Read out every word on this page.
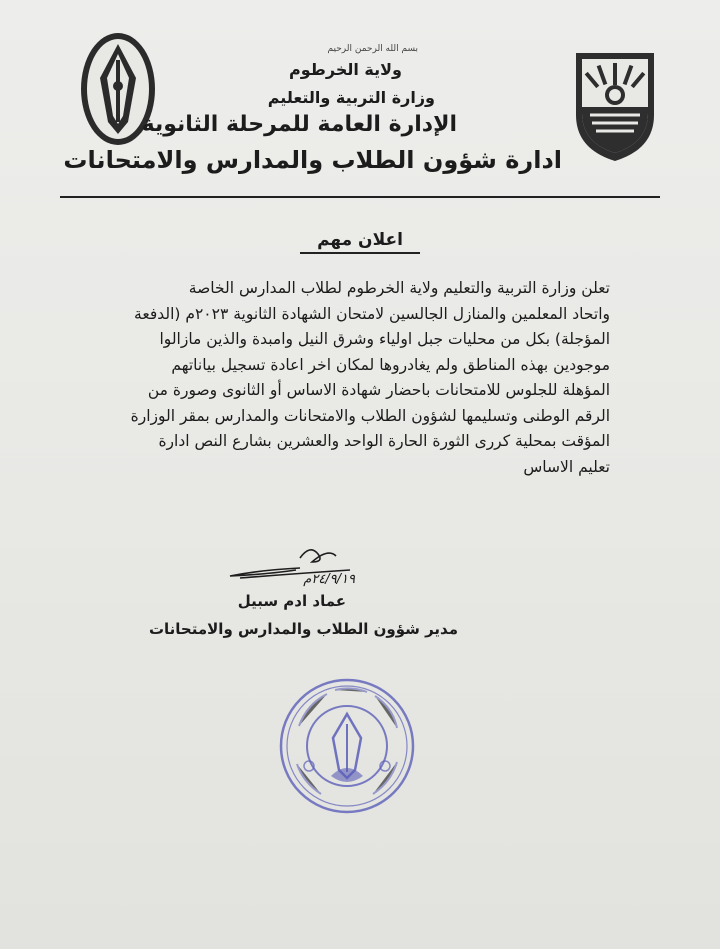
بسم الله الرحمن الرحيم
ولاية الخرطوم
وزارة التربية والتعليم
الإدارة العامة للمرحلة الثانوية
ادارة شؤون الطلاب والمدارس والامتحانات
اعلان مهم
تعلن وزارة التربية والتعليم ولاية الخرطوم لطلاب المدارس الخاصة
واتحاد المعلمين والمنازل الجالسين لامتحان الشهادة الثانوية ٢٠٢٣م (الدفعة
المؤجلة) بكل من محليات جبل اولياء وشرق النيل وامبدة والذين مازالوا
موجودين بهذه المناطق ولم يغادروها لمكان اخر اعادة تسجيل بياناتهم
المؤهلة للجلوس للامتحانات باحضار شهادة الاساس أو الثانوى وصورة من
الرقم الوطنى وتسليمها لشؤون الطلاب والامتحانات والمدارس بمقر الوزارة
المؤقت بمحلية كررى الثورة الحارة الواحد والعشرين بشارع النص ادارة
تعليم الاساس
٢٤/٩/١٩م
عماد ادم سبيل
مدير شؤون الطلاب والمدارس والامتحانات
